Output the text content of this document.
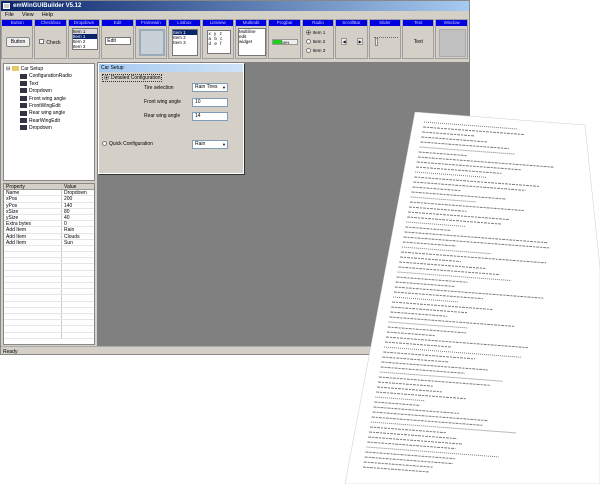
emWinGUIBuilder V5.12
File View Help
Button
Button
Checkbox
Check
Dropdown
Item 1
Item 1
Item 2
Item 3
Edit
Edit
Framewin	Listbox
Item 1
Item 2
Item 3
Listview
x y z
a b c
d e f
Multiedit
Multiline
edit
widget
Progbar
38%
Radio
Item 1
Item 2
Item 3
ScrollBar
◀	▶
Slider	Text
Text
Window
⊟ Car Setup
ConfigurationRadio
Text
Dropdown
Front wing angle
FrontWingEdit
Rear wing angle
RearWingEdit
Dropdown
Property	Value
Name	Dropdown
xPos	200
yPos	140
xSize	80
ySize	40
Extra bytes	0
Add Item	Rain
Add Item	Clouds
Add Item	Sun
Car Setup
Detailed Configuration
Tire selection	Rain Tires ▼
Front wing angle	10
Rear wing angle	14
Quick Configuration	Rain ▼
Ready
